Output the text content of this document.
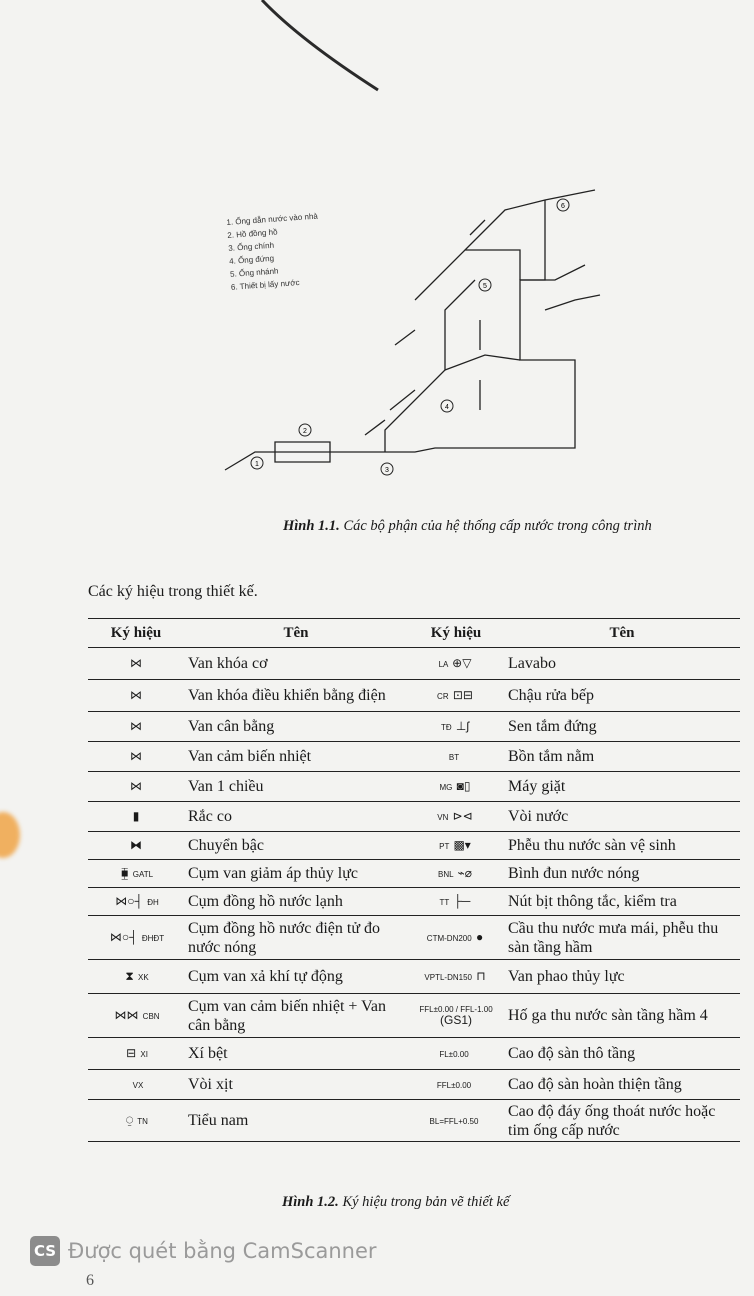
1
2
3
4
5
6
1. Ống dẫn nước vào nhà
2. Hồ đồng hồ
3. Ống chính
4. Ống đứng
5. Ống nhánh
6. Thiết bị lấy nước
Hình 1.1. Các bộ phận của hệ thống cấp nước trong công trình
Các ký hiệu trong thiết kế.
Ký hiệu	Tên	Ký hiệu	Tên
⋈	Van khóa cơ	LA ⊕▽	Lavabo
⋈	Van khóa điều khiển bằng điện	CR ⊡⊟	Chậu rửa bếp
⋈	Van cân bằng	TĐ ⊥ʃ	Sen tắm đứng
⋈	Van cảm biến nhiệt	BT	Bồn tắm nằm
⋈	Van 1 chiều	MG ◙▯	Máy giặt
▮	Rắc co	VN ⊳⊲	Vòi nước
⧓	Chuyển bậc	PT ▩▾	Phễu thu nước sàn vệ sinh
⧯ GATL	Cụm van giảm áp thủy lực	BNL ⌁⌀	Bình đun nước nóng
⋈○┤ ĐH	Cụm đồng hồ nước lạnh	TT ├─	Nút bịt thông tắc, kiểm tra
⋈○┤ ĐHĐT	Cụm đồng hồ nước điện tử đo nước nóng	CTM-DN200 ●	Cầu thu nước mưa mái, phễu thu sàn tầng hầm
⧗ XK	Cụm van xả khí tự động	VPTL-DN150 ⊓	Van phao thủy lực
⋈⋈ CBN	Cụm van cảm biến nhiệt + Van cân bằng	FFL±0.00 / FFL-1.00 (GS1)	Hố ga thu nước sàn tầng hầm 4
⊟ XI	Xí bệt	FL±0.00	Cao độ sàn thô tầng
VX	Vòi xịt	FFL±0.00	Cao độ sàn hoàn thiện tầng
⍜ TN	Tiểu nam	BL=FFL+0.50	Cao độ đáy ống thoát nước hoặc tim ống cấp nước
Hình 1.2. Ký hiệu trong bản vẽ thiết kế
CS Được quét bằng CamScanner
6
